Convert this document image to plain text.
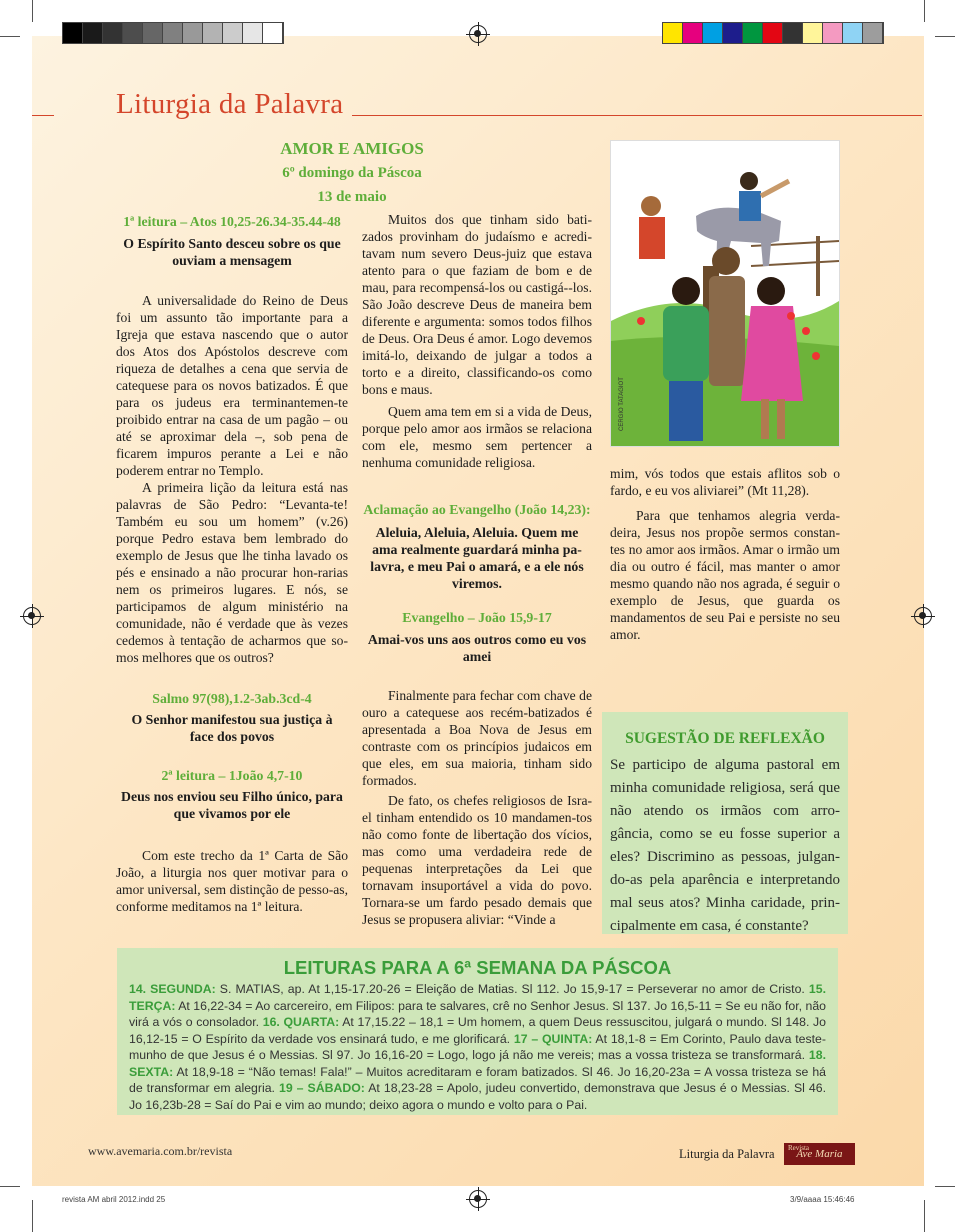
Liturgia da Palavra
AMOR E AMIGOS
6º domingo da Páscoa
13 de maio
1ª leitura – Atos 10,25-26.34-35.44-48
O Espírito Santo desceu sobre os que ouviam a mensagem

A universalidade do Reino de Deus foi um assunto tão importante para a Igreja que estava nascendo que o autor dos Atos dos Apóstolos descreve com riqueza de detalhes a cena que servia de catequese para os novos batizados. É que para os judeus era terminantemen-te proibido entrar na casa de um pagão – ou até se aproximar dela –, sob pena de ficarem impuros perante a Lei e não poderem entrar no Templo.

A primeira lição da leitura está nas palavras de São Pedro: “Levanta-te! Também eu sou um homem” (v.26) porque Pedro estava bem lembrado do exemplo de Jesus que lhe tinha lavado os pés e ensinado a não procurar hon-rarias nem os primeiros lugares. E nós, se participamos de algum ministério na comunidade, não é verdade que às vezes cedemos à tentação de acharmos que so-mos melhores que os outros?

Salmo 97(98),1.2-3ab.3cd-4
O Senhor manifestou sua justiça à face dos povos
2ª leitura – 1João 4,7-10
Deus nos enviou seu Filho único, para que vivamos por ele

Com este trecho da 1ª Carta de São João, a liturgia nos quer motivar para o amor universal, sem distinção de pesso-as, conforme meditamos na 1ª leitura.

Muitos dos que tinham sido bati-zados provinham do judaísmo e acredi-tavam num severo Deus-juiz que estava atento para o que faziam de bom e de mau, para recompensá-los ou castigá--los. São João descreve Deus de maneira bem diferente e argumenta: somos todos filhos de Deus. Ora Deus é amor. Logo devemos imitá-lo, deixando de julgar a todos a torto e a direito, classificando-os como bons e maus.

Quem ama tem em si a vida de Deus, porque pelo amor aos irmãos se relaciona com ele, mesmo sem pertencer a nenhuma comunidade religiosa.

Aclamação ao Evangelho (João 14,23):
Aleluia, Aleluia, Aleluia. Quem me ama realmente guardará minha pa-lavra, e meu Pai o amará, e a ele nós viremos.
Evangelho – João 15,9-17
Amai-vos uns aos outros como eu vos amei

Finalmente para fechar com chave de ouro a catequese aos recém-batizados é apresentada a Boa Nova de Jesus em contraste com os princípios judaicos em que eles, em sua maioria, tinham sido formados.

De fato, os chefes religiosos de Isra-el tinham entendido os 10 mandamen-tos não como fonte de libertação dos vícios, mas como uma verdadeira rede de pequenas interpretações da Lei que tornavam insuportável a vida do povo. Tornara-se um fardo pesado demais que Jesus se propusera aliviar: “Vinde a

CERGIO TATAGIOT
mim, vós todos que estais aflitos sob o fardo, e eu vos aliviarei” (Mt 11,28).

Para que tenhamos alegria verda-deira, Jesus nos propõe sermos constan-tes no amor aos irmãos. Amar o irmão um dia ou outro é fácil, mas manter o amor mesmo quando não nos agrada, é seguir o exemplo de Jesus, que guarda os mandamentos de seu Pai e persiste no seu amor.

SUGESTÃO DE REFLEXÃO
Se participo de alguma pastoral em minha comunidade religiosa, será que não atendo os irmãos com arro-gância, como se eu fosse superior a eles? Discrimino as pessoas, julgan-do-as pela aparência e interpretando mal seus atos? Minha caridade, prin-cipalmente em casa, é constante?
LEITURAS PARA A 6ª SEMANA DA PÁSCOA
14. SEGUNDA: S. MATIAS, ap. At 1,15-17.20-26 = Eleição de Matias. Sl 112. Jo 15,9-17 = Perseverar no amor de Cristo. 15. TERÇA: At 16,22-34 = Ao carcereiro, em Filipos: para te salvares, crê no Senhor Jesus. Sl 137. Jo 16,5-11 = Se eu não for, não virá a vós o consolador. 16. QUARTA: At 17,15.22 – 18,1 = Um homem, a quem Deus ressuscitou, julgará o mundo. Sl 148. Jo 16,12-15 = O Espírito da verdade vos ensinará tudo, e me glorificará. 17 – QUINTA: At 18,1-8 = Em Corinto, Paulo dava teste-munho de que Jesus é o Messias. Sl 97. Jo 16,16-20 = Logo, logo já não me vereis; mas a vossa tristeza se transformará. 18. SEXTA: At 18,9-18 = “Não temas! Fala!” – Muitos acreditaram e foram batizados. Sl 46. Jo 16,20-23a = A vossa tristeza se há de transformar em alegria. 19 – SÁBADO: At 18,23-28 = Apolo, judeu convertido, demonstrava que Jesus é o Messias. Sl 46. Jo 16,23b-28 = Saí do Pai e vim ao mundo; deixo agora o mundo e volto para o Pai.
www.avemaria.com.br/revista	Liturgia da Palavra Revista
Ave Maria
revista AM abril 2012.indd 25	3/9/aaaa 15:46:46
